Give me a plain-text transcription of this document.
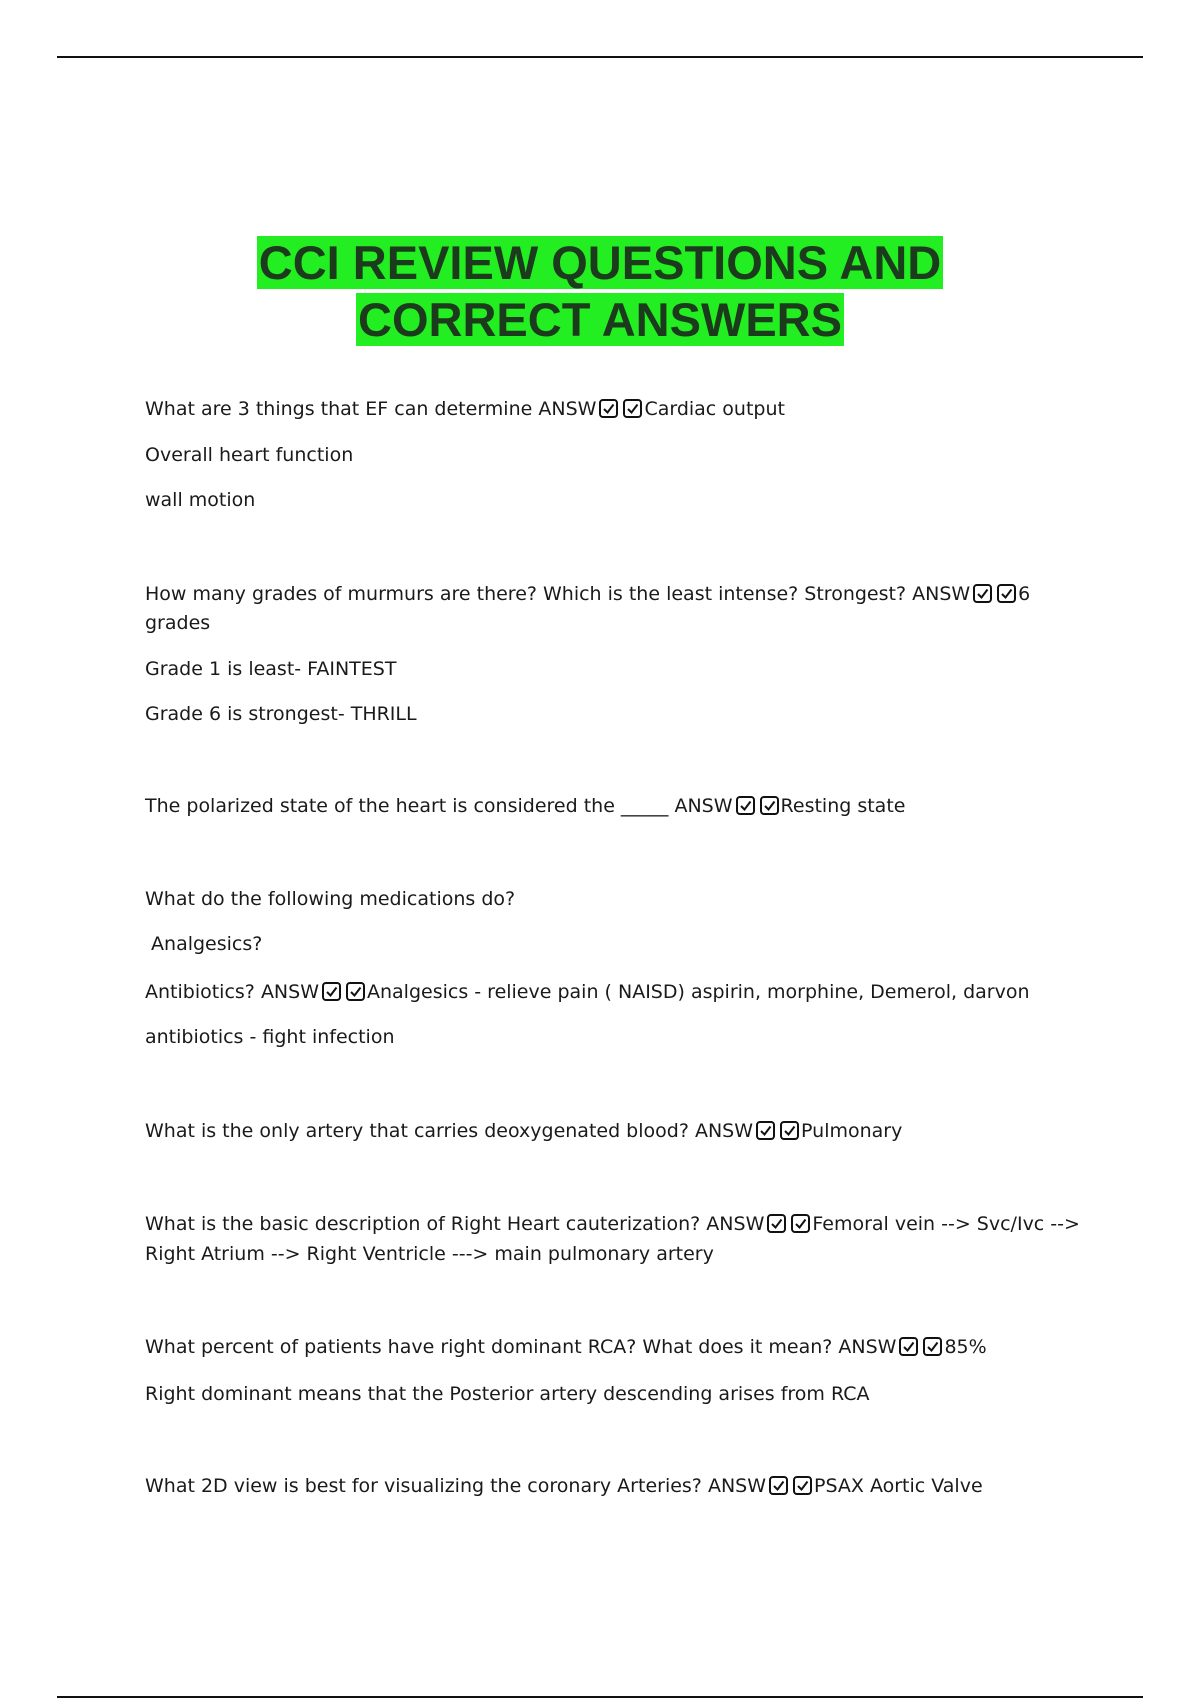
CCI REVIEW QUESTIONS AND
CORRECT ANSWERS
What are 3 things that EF can determine ANSW	Cardiac output
Overall heart function
wall motion
How many grades of murmurs are there? Which is the least intense? Strongest? ANSW	6
grades
Grade 1 is least- FAINTEST
Grade 6 is strongest- THRILL
The polarized state of the heart is considered the _____ ANSW	Resting state
What do the following medications do?
Analgesics?
Antibiotics? ANSW	Analgesics - relieve pain ( NAISD) aspirin, morphine, Demerol, darvon
antibiotics - fight infection
What is the only artery that carries deoxygenated blood? ANSW	Pulmonary
What is the basic description of Right Heart cauterization? ANSW	Femoral vein --> Svc/Ivc -->
Right Atrium --> Right Ventricle ---> main pulmonary artery
What percent of patients have right dominant RCA? What does it mean? ANSW	85%
Right dominant means that the Posterior artery descending arises from RCA
What 2D view is best for visualizing the coronary Arteries? ANSW	PSAX Aortic Valve
